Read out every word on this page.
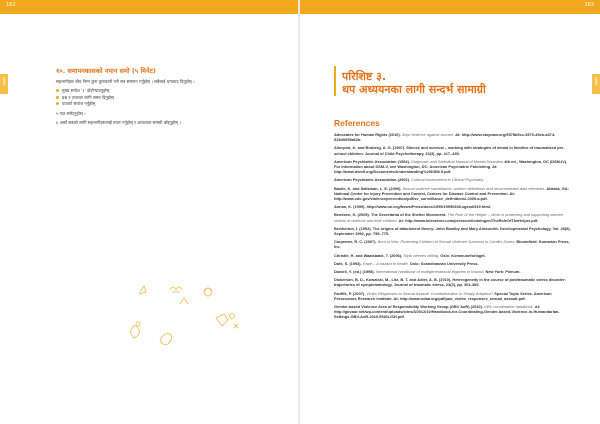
162	163
परिशिष्ट	परिशिष्ट
१०. समापनकासको नपान समो (५ मिनेट)

सहभागीहरू बीच निम्न कुरा कुराकानी गरी सत्र समापन गर्नुहोस् । सबैलाई धन्यवाद दिनुहोस् ।

मुख्य सन्देश '१' दोहोर्‍याउनुहोस्
प्रश्न र उत्तरका लागि समय दिनुहोस्
पाठको सारांश गर्नुहोस्

५ पाठ समेट्नुहोस् ।

६ अर्को सत्रको लागि सहभागीहरूलाई तयार गर्नुहोस् र आवश्यक सामग्री बाँड्नुहोस् ।

परिशिष्ट ३.
थप अध्ययनका लागी सन्दर्भ सामाग्री
References

Advocates for Human Rights (2010). Stop Violence against women. At: http://www.stopvaw.org/9578b5cc-5370-45eb-a374-515d0055a62b.

Almqvist, K. and Broberg, A. G. (1997). Silence and survival – working with strategies of denial in families of traumatized pre-school children. Journal of Child Psychotherapy, 23(3), pp. 417–435.

American Psychiatric Association (1994). Diagnostic and Statistical Manual of Mental Disorders 4th ed., Washington, DC (DSM-IV). For information about DSM-V, see Washington, DC: American Psychiatric Publishing. At: http://www.dsm5.org/Documents/Understanding%20DSM-5.pdf.

American Psychiatric Association (2002). Cultural Assessment in Clinical Psychiatry.

Basile, K. and Saltzman, L. E. (2009). Sexual violence surveillance: uniform definitions and recommended data elements. Atlanta, GA: National Center for Injury Prevention and Control, Centers for Disease Control and Prevention. At: http://www.cdc.gov/violenceprevention/pdf/sv_surveillance_definitionsl-2009-a.pdf.

Annan, K. (1999). http://www.un.org/News/Press/docs/1999/19990308.sgsm6919.html.

Bemtsen, K. (2005). The Secretariat of the Shelter Movement. The Role of the Helper – Work in protecting and supporting women victims of violence and their children. At: http://www.telesenter.com/presseveiledningen/TheRoleOfTheHelper.pdf.

Bretherton, I. (1992). The origins of attachment theory: John Bowlby and Mary Ainsworth. Developmental Psychology, Vol. 28(5), September 1992, pp. 759–775.

Carpenter, R. C. (2007). Born of War: Protecting Children of Sexual Violence Survivors in Conflict Zones. Bloomfield: Kumarian Press, Inc.

Christie, H. and Waalsbakk, T. (2006). Styrk ofrenes stilling. Oslo: Kommuneforlaget.

Dahl, S. (1993). Rape – A hazard to health. Oslo: Scandinavian University Press.

Danieli, Y. (ed.) (1998). International handbook of multigenerational legacies of trauma. New York: Plenum.

Dickerson, B. D., Kowalski, M., Litz, B. T. and Adler, A. B. (2010). Heterogeneity in the course of posttraumatic stress disorder: trajectories of symptomatology. Journal of traumatic stress, 23(3), pp. 301-309.

Fanflik, P. (2007). Victim Responses to Sexual Assault: Counterintuitive or Simply Adaptive? Special Topic Series. American Prosecutors Research Institute. At: http://www.ndaa.org/pdf/pub_victim_responses_sexual_assault.pdf.

Gender-based Violence Area of Responsibility Working Group (GBV AoR) (2010). GBV coordination handbook. At: http://gbvaor.net/wp-content/uploads/sites/3/2012/10/Handbook-for-Coordinating-Gender-based-Violence-in-Humanitarian-Settings-GBV-AoR-2010-ENGLISH.pdf.
